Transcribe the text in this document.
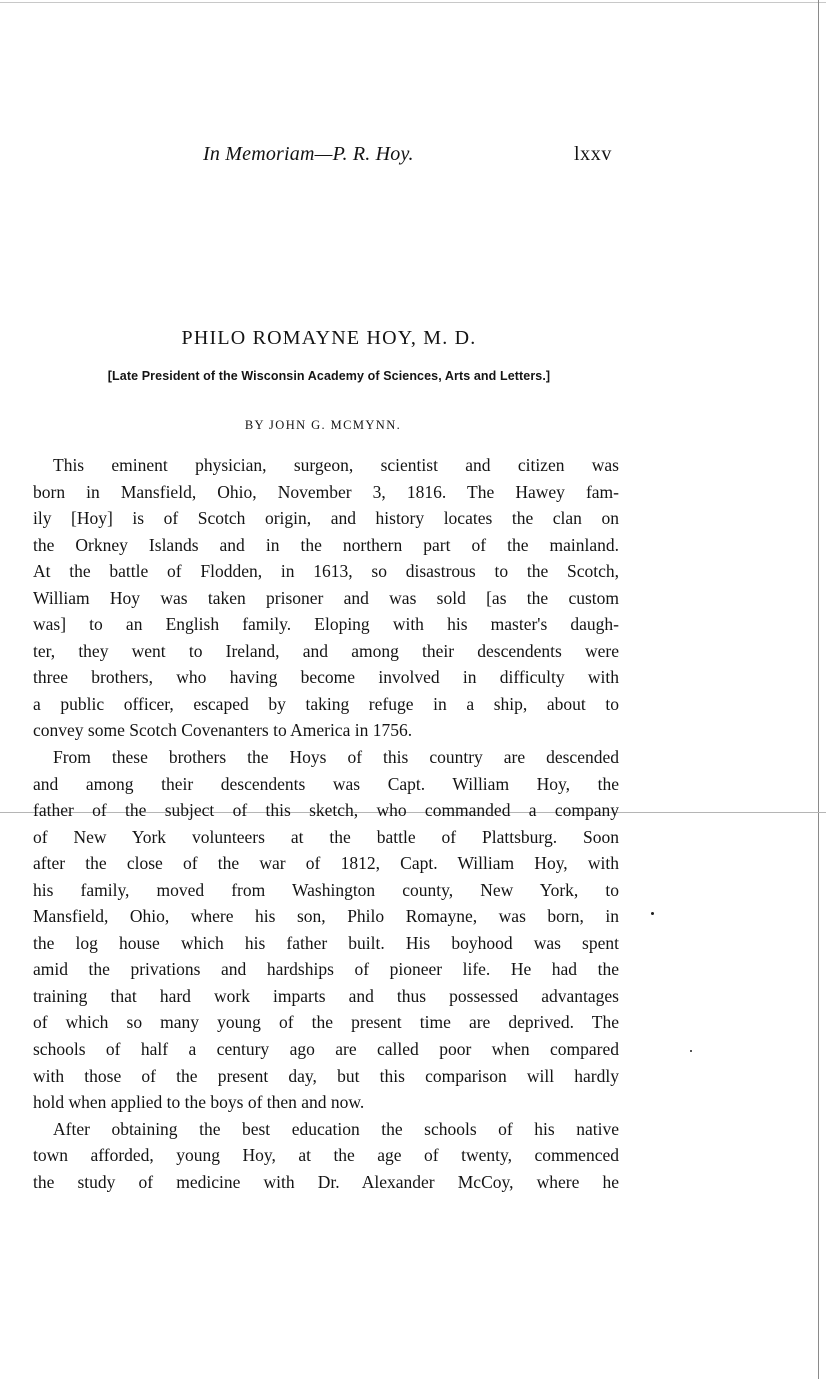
In Memoriam—P. R. Hoy.	lxxv
PHILO ROMAYNE HOY, M. D.
[Late President of the Wisconsin Academy of Sciences, Arts and Letters.]
BY JOHN G. MCMYNN.
This eminent physician, surgeon, scientist and citizen was
born in Mansfield, Ohio, November 3, 1816. The Hawey fam-
ily [Hoy] is of Scotch origin, and history locates the clan on
the Orkney Islands and in the northern part of the mainland.
At the battle of Flodden, in 1613, so disastrous to the Scotch,
William Hoy was taken prisoner and was sold [as the custom
was] to an English family. Eloping with his master's daugh-
ter, they went to Ireland, and among their descendents were
three brothers, who having become involved in difficulty with
a public officer, escaped by taking refuge in a ship, about to
convey some Scotch Covenanters to America in 1756.
From these brothers the Hoys of this country are descended
and among their descendents was Capt. William Hoy, the
father of the subject of this sketch, who commanded a company
of New York volunteers at the battle of Plattsburg. Soon
after the close of the war of 1812, Capt. William Hoy, with
his family, moved from Washington county, New York, to
Mansfield, Ohio, where his son, Philo Romayne, was born, in
the log house which his father built. His boyhood was spent
amid the privations and hardships of pioneer life. He had the
training that hard work imparts and thus possessed advantages
of which so many young of the present time are deprived. The
schools of half a century ago are called poor when compared
with those of the present day, but this comparison will hardly
hold when applied to the boys of then and now.
After obtaining the best education the schools of his native
town afforded, young Hoy, at the age of twenty, commenced
the study of medicine with Dr. Alexander McCoy, where he
